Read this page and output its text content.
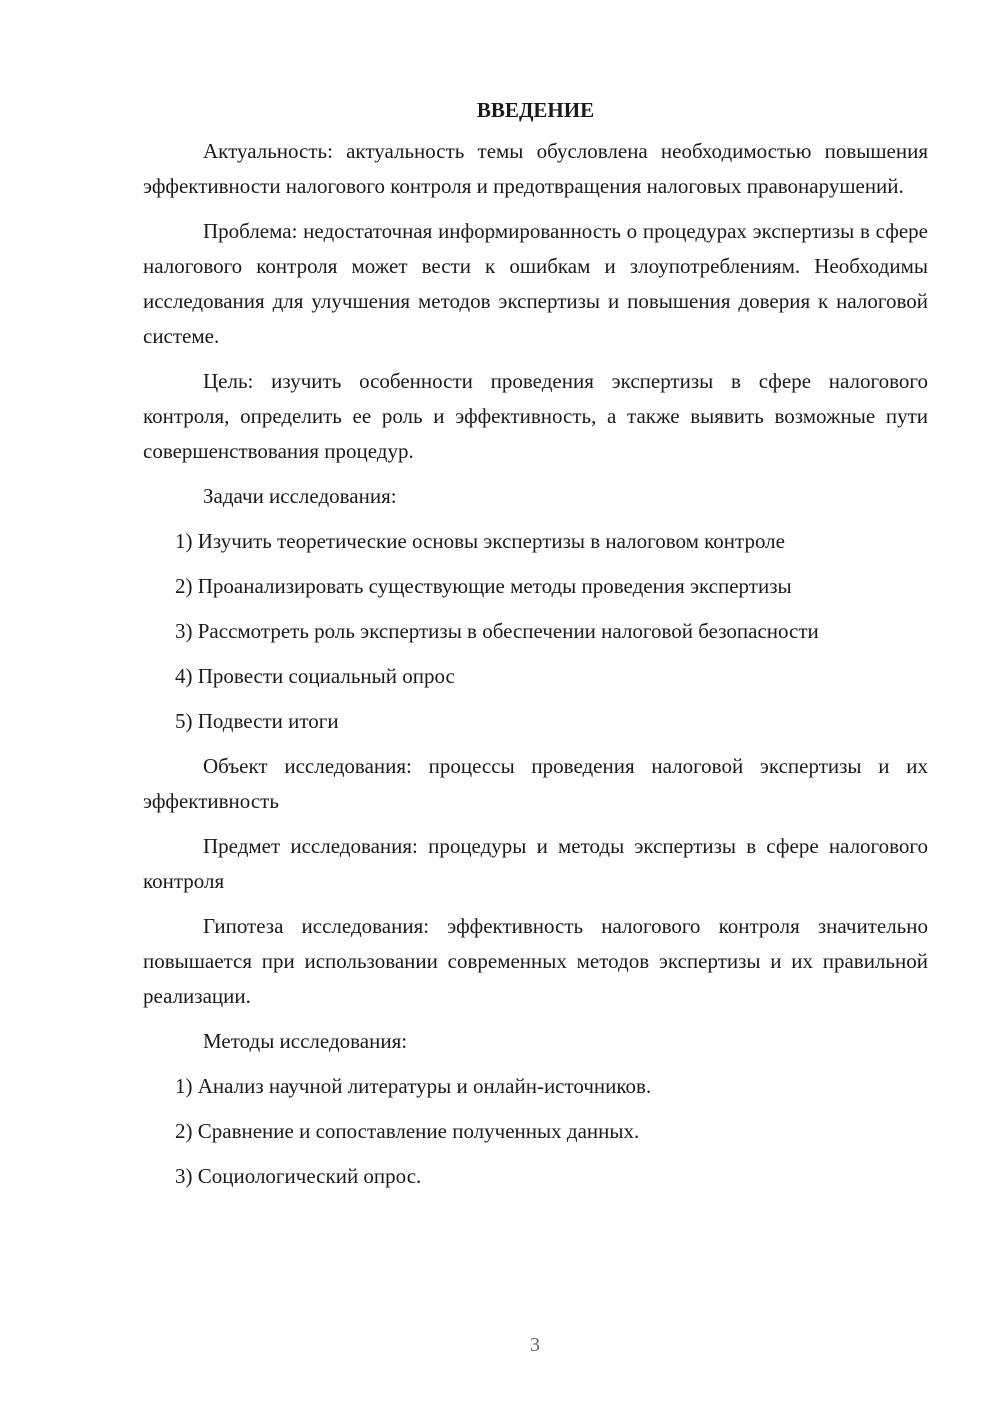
ВВЕДЕНИЕ

Актуальность: актуальность темы обусловлена необходимостью повышения эффективности налогового контроля и предотвращения налоговых правонарушений.

Проблема: недостаточная информированность о процедурах экспертизы в сфере налогового контроля может вести к ошибкам и злоупотреблениям. Необходимы исследования для улучшения методов экспертизы и повышения доверия к налоговой системе.

Цель: изучить особенности проведения экспертизы в сфере налогового контроля, определить ее роль и эффективность, а также выявить возможные пути совершенствования процедур.

Задачи исследования:

1) Изучить теоретические основы экспертизы в налоговом контроле

2) Проанализировать существующие методы проведения экспертизы

3) Рассмотреть роль экспертизы в обеспечении налоговой безопасности

4) Провести социальный опрос

5) Подвести итоги

Объект исследования: процессы проведения налоговой экспертизы и их эффективность

Предмет исследования: процедуры и методы экспертизы в сфере налогового контроля

Гипотеза исследования: эффективность налогового контроля значительно повышается при использовании современных методов экспертизы и их правильной реализации.

Методы исследования:

1) Анализ научной литературы и онлайн-источников.

2) Сравнение и сопоставление полученных данных.

3) Социологический опрос.

3
